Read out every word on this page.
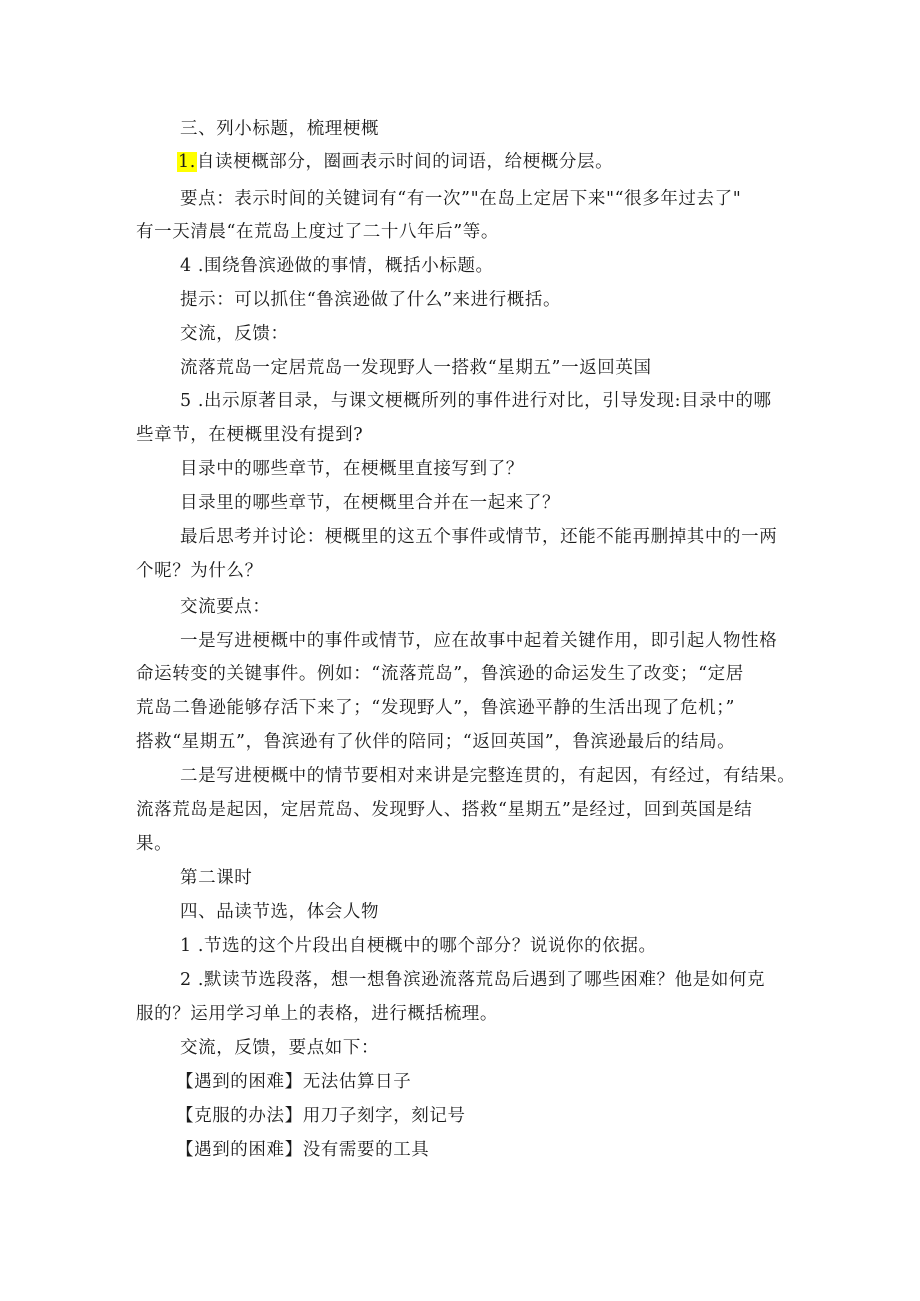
三、列小标题，梳理梗概
1.自读梗概部分，圈画表示时间的词语，给梗概分层。
要点：表示时间的关键词有“有一次”"在岛上定居下来"“很多年过去了"
有一天清晨“在荒岛上度过了二十八年后”等。
4 .围绕鲁滨逊做的事情，概括小标题。
提示：可以抓住“鲁滨逊做了什么”来进行概括。
交流，反馈：
流落荒岛一定居荒岛一发现野人一搭救“星期五”一返回英国
5 .出示原著目录，与课文梗概所列的事件进行对比，引导发现:目录中的哪
些章节，在梗概里没有提到?
目录中的哪些章节，在梗概里直接写到了？
目录里的哪些章节，在梗概里合并在一起来了？
最后思考并讨论：梗概里的这五个事件或情节，还能不能再删掉其中的一两
个呢？为什么？
交流要点：
一是写进梗概中的事件或情节，应在故事中起着关键作用，即引起人物性格
命运转变的关键事件。例如：“流落荒岛”，鲁滨逊的命运发生了改变；“定居
荒岛二鲁逊能够存活下来了；“发现野人”，鲁滨逊平静的生活出现了危机；”
搭救“星期五”，鲁滨逊有了伙伴的陪同；“返回英国”，鲁滨逊最后的结局。
二是写进梗概中的情节要相对来讲是完整连贯的，有起因，有经过，有结果。
流落荒岛是起因，定居荒岛、发现野人、搭救“星期五”是经过，回到英国是结
果。
第二课时
四、品读节选，体会人物
1 .节选的这个片段出自梗概中的哪个部分？说说你的依据。
2 .默读节选段落，想一想鲁滨逊流落荒岛后遇到了哪些困难？他是如何克
服的？运用学习单上的表格，进行概括梳理。
交流，反馈，要点如下：
【遇到的困难】无法估算日子
【克服的办法】用刀子刻字，刻记号
【遇到的困难】没有需要的工具
